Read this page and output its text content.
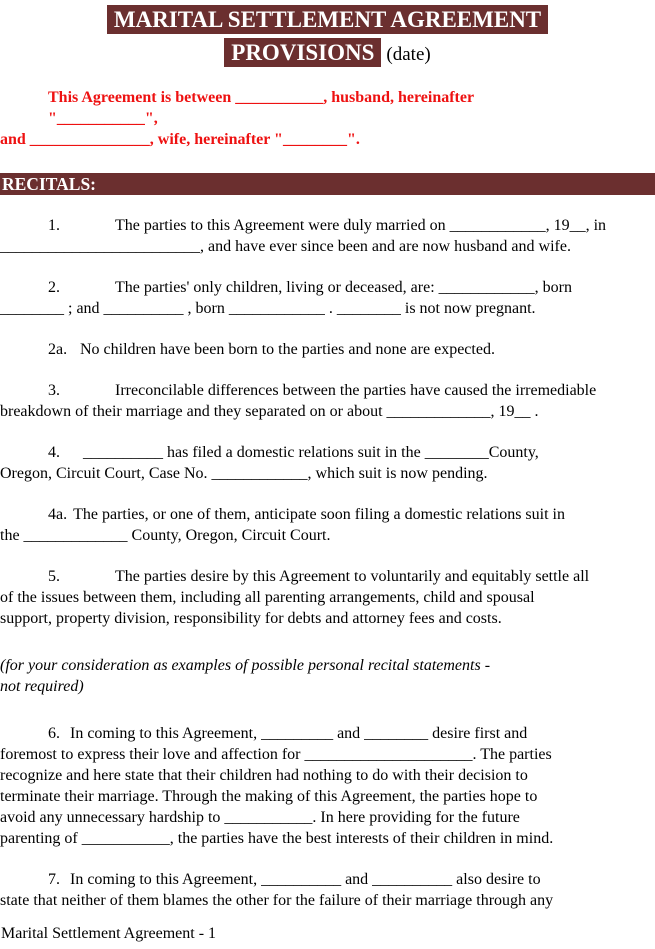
MARITAL SETTLEMENT AGREEMENT
PROVISIONS (date)
This Agreement is between ___________, husband, hereinafter
"___________",
and _______________, wife, hereinafter "________".
RECITALS:

1.	The parties to this Agreement were duly married on ____________, 19__, in
_________________________, and have ever since been and are now husband and wife.

2.	The parties' only children, living or deceased, are: ____________, born
________ ; and __________ , born ____________ . ________ is not now pregnant.

2a. No children have been born to the parties and none are expected.

3.	Irreconcilable differences between the parties have caused the irremediable
breakdown of their marriage and they separated on or about _____________, 19__ .

4. __________ has filed a domestic relations suit in the ________County,
Oregon, Circuit Court, Case No. ____________, which suit is now pending.

4a. The parties, or one of them, anticipate soon filing a domestic relations suit in
the _____________ County, Oregon, Circuit Court.

5.	The parties desire by this Agreement to voluntarily and equitably settle all
of the issues between them, including all parenting arrangements, child and spousal
support, property division, responsibility for debts and attorney fees and costs.

(for your consideration as examples of possible personal recital statements -
not required)

6. In coming to this Agreement, _________ and ________ desire first and
foremost to express their love and affection for _____________________. The parties
recognize and here state that their children had nothing to do with their decision to
terminate their marriage. Through the making of this Agreement, the parties hope to
avoid any unnecessary hardship to ___________. In here providing for the future
parenting of ___________, the parties have the best interests of their children in mind.

7. In coming to this Agreement, __________ and __________ also desire to
state that neither of them blames the other for the failure of their marriage through any

Marital Settlement Agreement - 1
